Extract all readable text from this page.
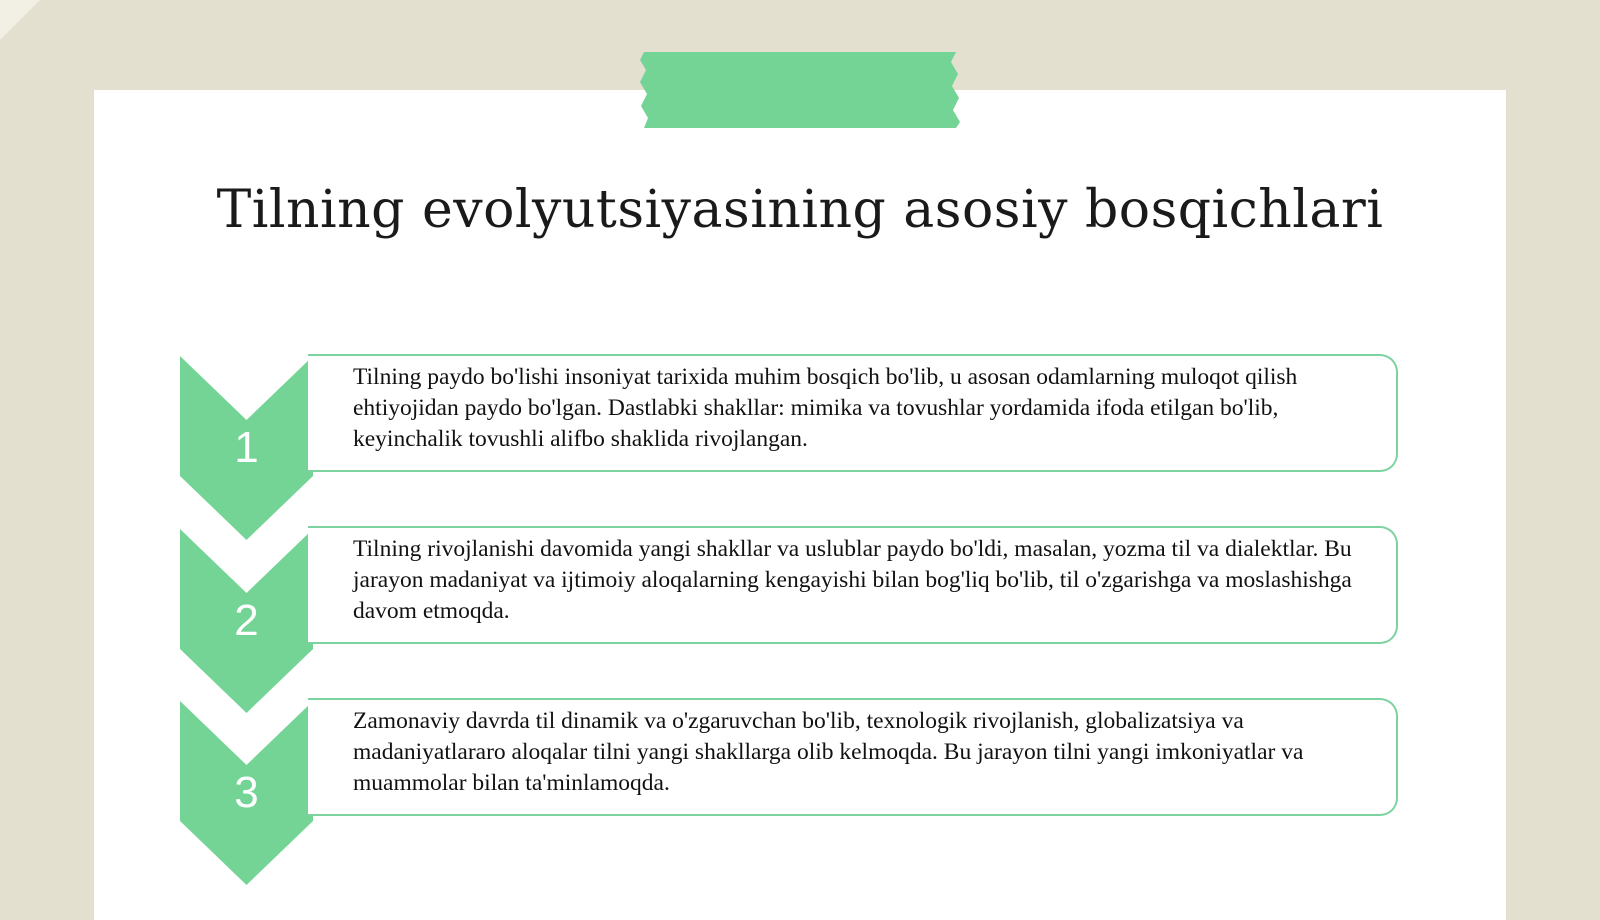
Tilning evolyutsiyasining asosiy bosqichlari
1
Tilning paydo bo'lishi insoniyat tarixida muhim bosqich bo'lib, u asosan odamlarning muloqot qilish ehtiyojidan paydo bo'lgan. Dastlabki shakllar: mimika va tovushlar yordamida ifoda etilgan bo'lib, keyinchalik tovushli alifbo shaklida rivojlangan.
2
Tilning rivojlanishi davomida yangi shakllar va uslublar paydo bo'ldi, masalan, yozma til va dialektlar. Bu jarayon madaniyat va ijtimoiy aloqalarning kengayishi bilan bog'liq bo'lib, til o'zgarishga va moslashishga davom etmoqda.
3
Zamonaviy davrda til dinamik va o'zgaruvchan bo'lib, texnologik rivojlanish, globalizatsiya va madaniyatlararo aloqalar tilni yangi shakllarga olib kelmoqda. Bu jarayon tilni yangi imkoniyatlar va muammolar bilan ta'minlamoqda.
